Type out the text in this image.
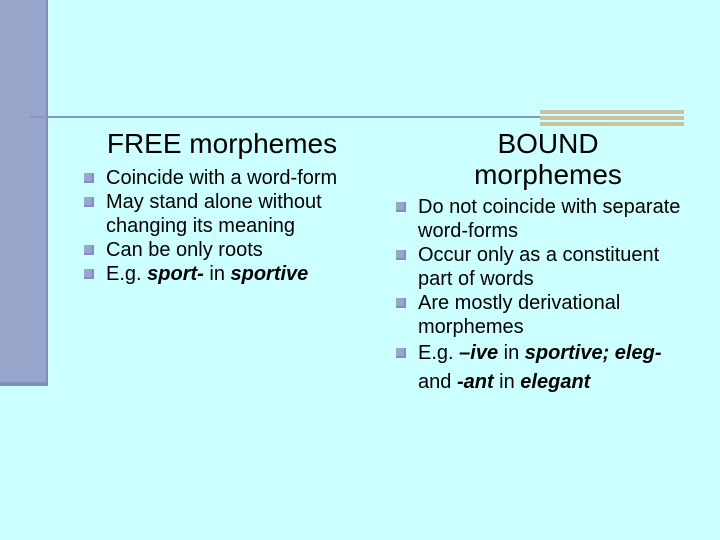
FREE morphemes	BOUND
morphemes
Coincide with a word-form
May stand alone without changing its meaning
Can be only roots
E.g. sport- in sportive
Do not coincide with separate word-forms
Occur only as a constituent part of words
Are mostly derivational morphemes
E.g. –ive in sportive; eleg- and -ant in elegant
